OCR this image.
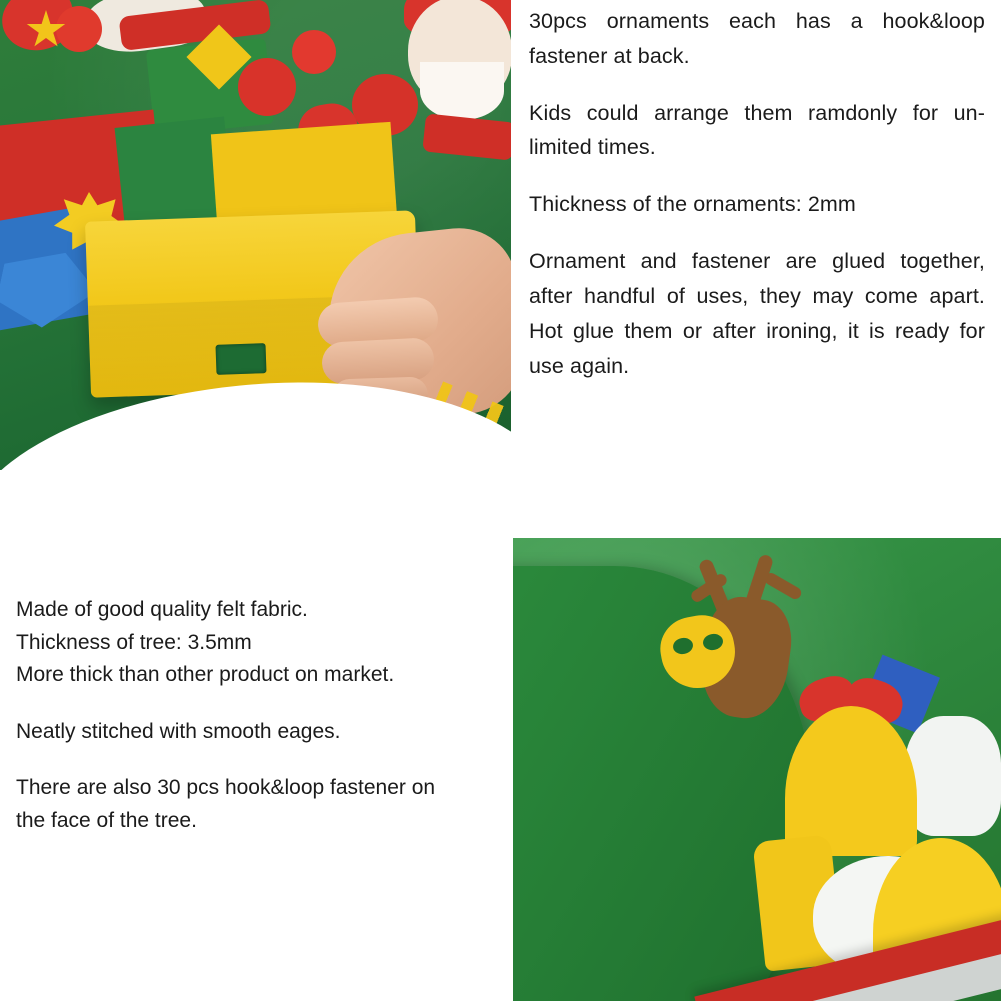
30pcs ornaments each has a hook&loop fastener at back.

Kids could arrange them ramdonly for un-limited times.

Thickness of the ornaments: 2mm

Ornament and fastener are glued together, after handful of uses, they may come apart. Hot glue them or after ironing, it is ready for use again.

Made of good quality felt fabric.

Thickness of tree: 3.5mm

More thick than other product on market.

Neatly stitched with smooth eages.

There are also 30 pcs hook&loop fastener on

the face of the tree.
